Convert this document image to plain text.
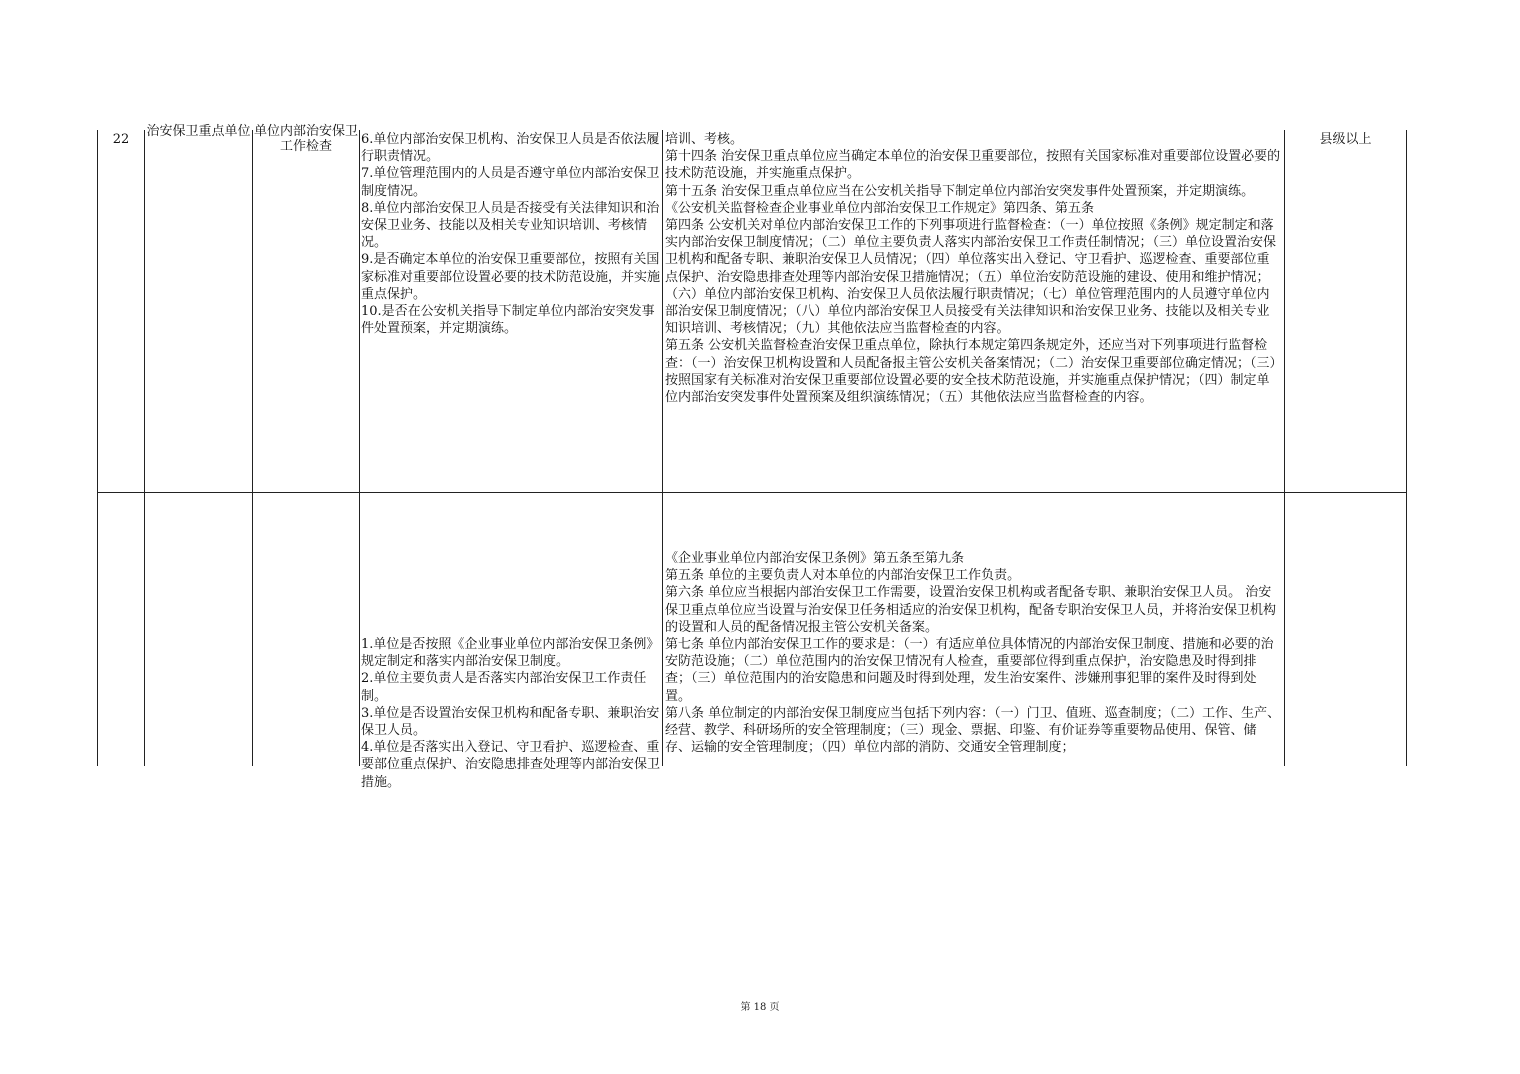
22
治安保卫重点单位 单位内部治安保卫工作检查	6.单位内部治安保卫机构、治安保卫人员是否依法履行职责情况。

7.单位管理范围内的人员是否遵守单位内部治安保卫制度情况。

8.单位内部治安保卫人员是否接受有关法律知识和治安保卫业务、技能以及相关专业知识培训、考核情况。

9.是否确定本单位的治安保卫重要部位，按照有关国家标准对重要部位设置必要的技术防范设施，并实施重点保护。

10.是否在公安机关指导下制定单位内部治安突发事件处置预案，并定期演练。

培训、考核。

第十四条 治安保卫重点单位应当确定本单位的治安保卫重要部位，按照有关国家标准对重要部位设置必要的技术防范设施，并实施重点保护。

第十五条 治安保卫重点单位应当在公安机关指导下制定单位内部治安突发事件处置预案，并定期演练。

《公安机关监督检查企业事业单位内部治安保卫工作规定》第四条、第五条

第四条 公安机关对单位内部治安保卫工作的下列事项进行监督检查：（一）单位按照《条例》规定制定和落实内部治安保卫制度情况；（二）单位主要负责人落实内部治安保卫工作责任制情况；（三）单位设置治安保卫机构和配备专职、兼职治安保卫人员情况；（四）单位落实出入登记、守卫看护、巡逻检查、重要部位重点保护、治安隐患排查处理等内部治安保卫措施情况；（五）单位治安防范设施的建设、使用和维护情况；（六）单位内部治安保卫机构、治安保卫人员依法履行职责情况；（七）单位管理范围内的人员遵守单位内部治安保卫制度情况；（八）单位内部治安保卫人员接受有关法律知识和治安保卫业务、技能以及相关专业知识培训、考核情况；（九）其他依法应当监督检查的内容。

第五条 公安机关监督检查治安保卫重点单位，除执行本规定第四条规定外，还应当对下列事项进行监督检查：（一）治安保卫机构设置和人员配备报主管公安机关备案情况；（二）治安保卫重要部位确定情况；（三）按照国家有关标准对治安保卫重要部位设置必要的安全技术防范设施，并实施重点保护情况；（四）制定单位内部治安突发事件处置预案及组织演练情况；（五）其他依法应当监督检查的内容。

县级以上

1.单位是否按照《企业事业单位内部治安保卫条例》规定制定和落实内部治安保卫制度。

2.单位主要负责人是否落实内部治安保卫工作责任制。

3.单位是否设置治安保卫机构和配备专职、兼职治安保卫人员。

4.单位是否落实出入登记、守卫看护、巡逻检查、重要部位重点保护、治安隐患排查处理等内部治安保卫措施。

《企业事业单位内部治安保卫条例》第五条至第九条

第五条 单位的主要负责人对本单位的内部治安保卫工作负责。

第六条 单位应当根据内部治安保卫工作需要，设置治安保卫机构或者配备专职、兼职治安保卫人员。 治安保卫重点单位应当设置与治安保卫任务相适应的治安保卫机构，配备专职治安保卫人员，并将治安保卫机构的设置和人员的配备情况报主管公安机关备案。

第七条 单位内部治安保卫工作的要求是：（一）有适应单位具体情况的内部治安保卫制度、措施和必要的治安防范设施；（二）单位范围内的治安保卫情况有人检查，重要部位得到重点保护，治安隐患及时得到排查；（三）单位范围内的治安隐患和问题及时得到处理，发生治安案件、涉嫌刑事犯罪的案件及时得到处置。

第八条 单位制定的内部治安保卫制度应当包括下列内容：（一）门卫、值班、巡查制度；（二）工作、生产、经营、教学、科研场所的安全管理制度；（三）现金、票据、印鉴、有价证券等重要物品使用、保管、储存、运输的安全管理制度；（四）单位内部的消防、交通安全管理制度；

第 18 页
